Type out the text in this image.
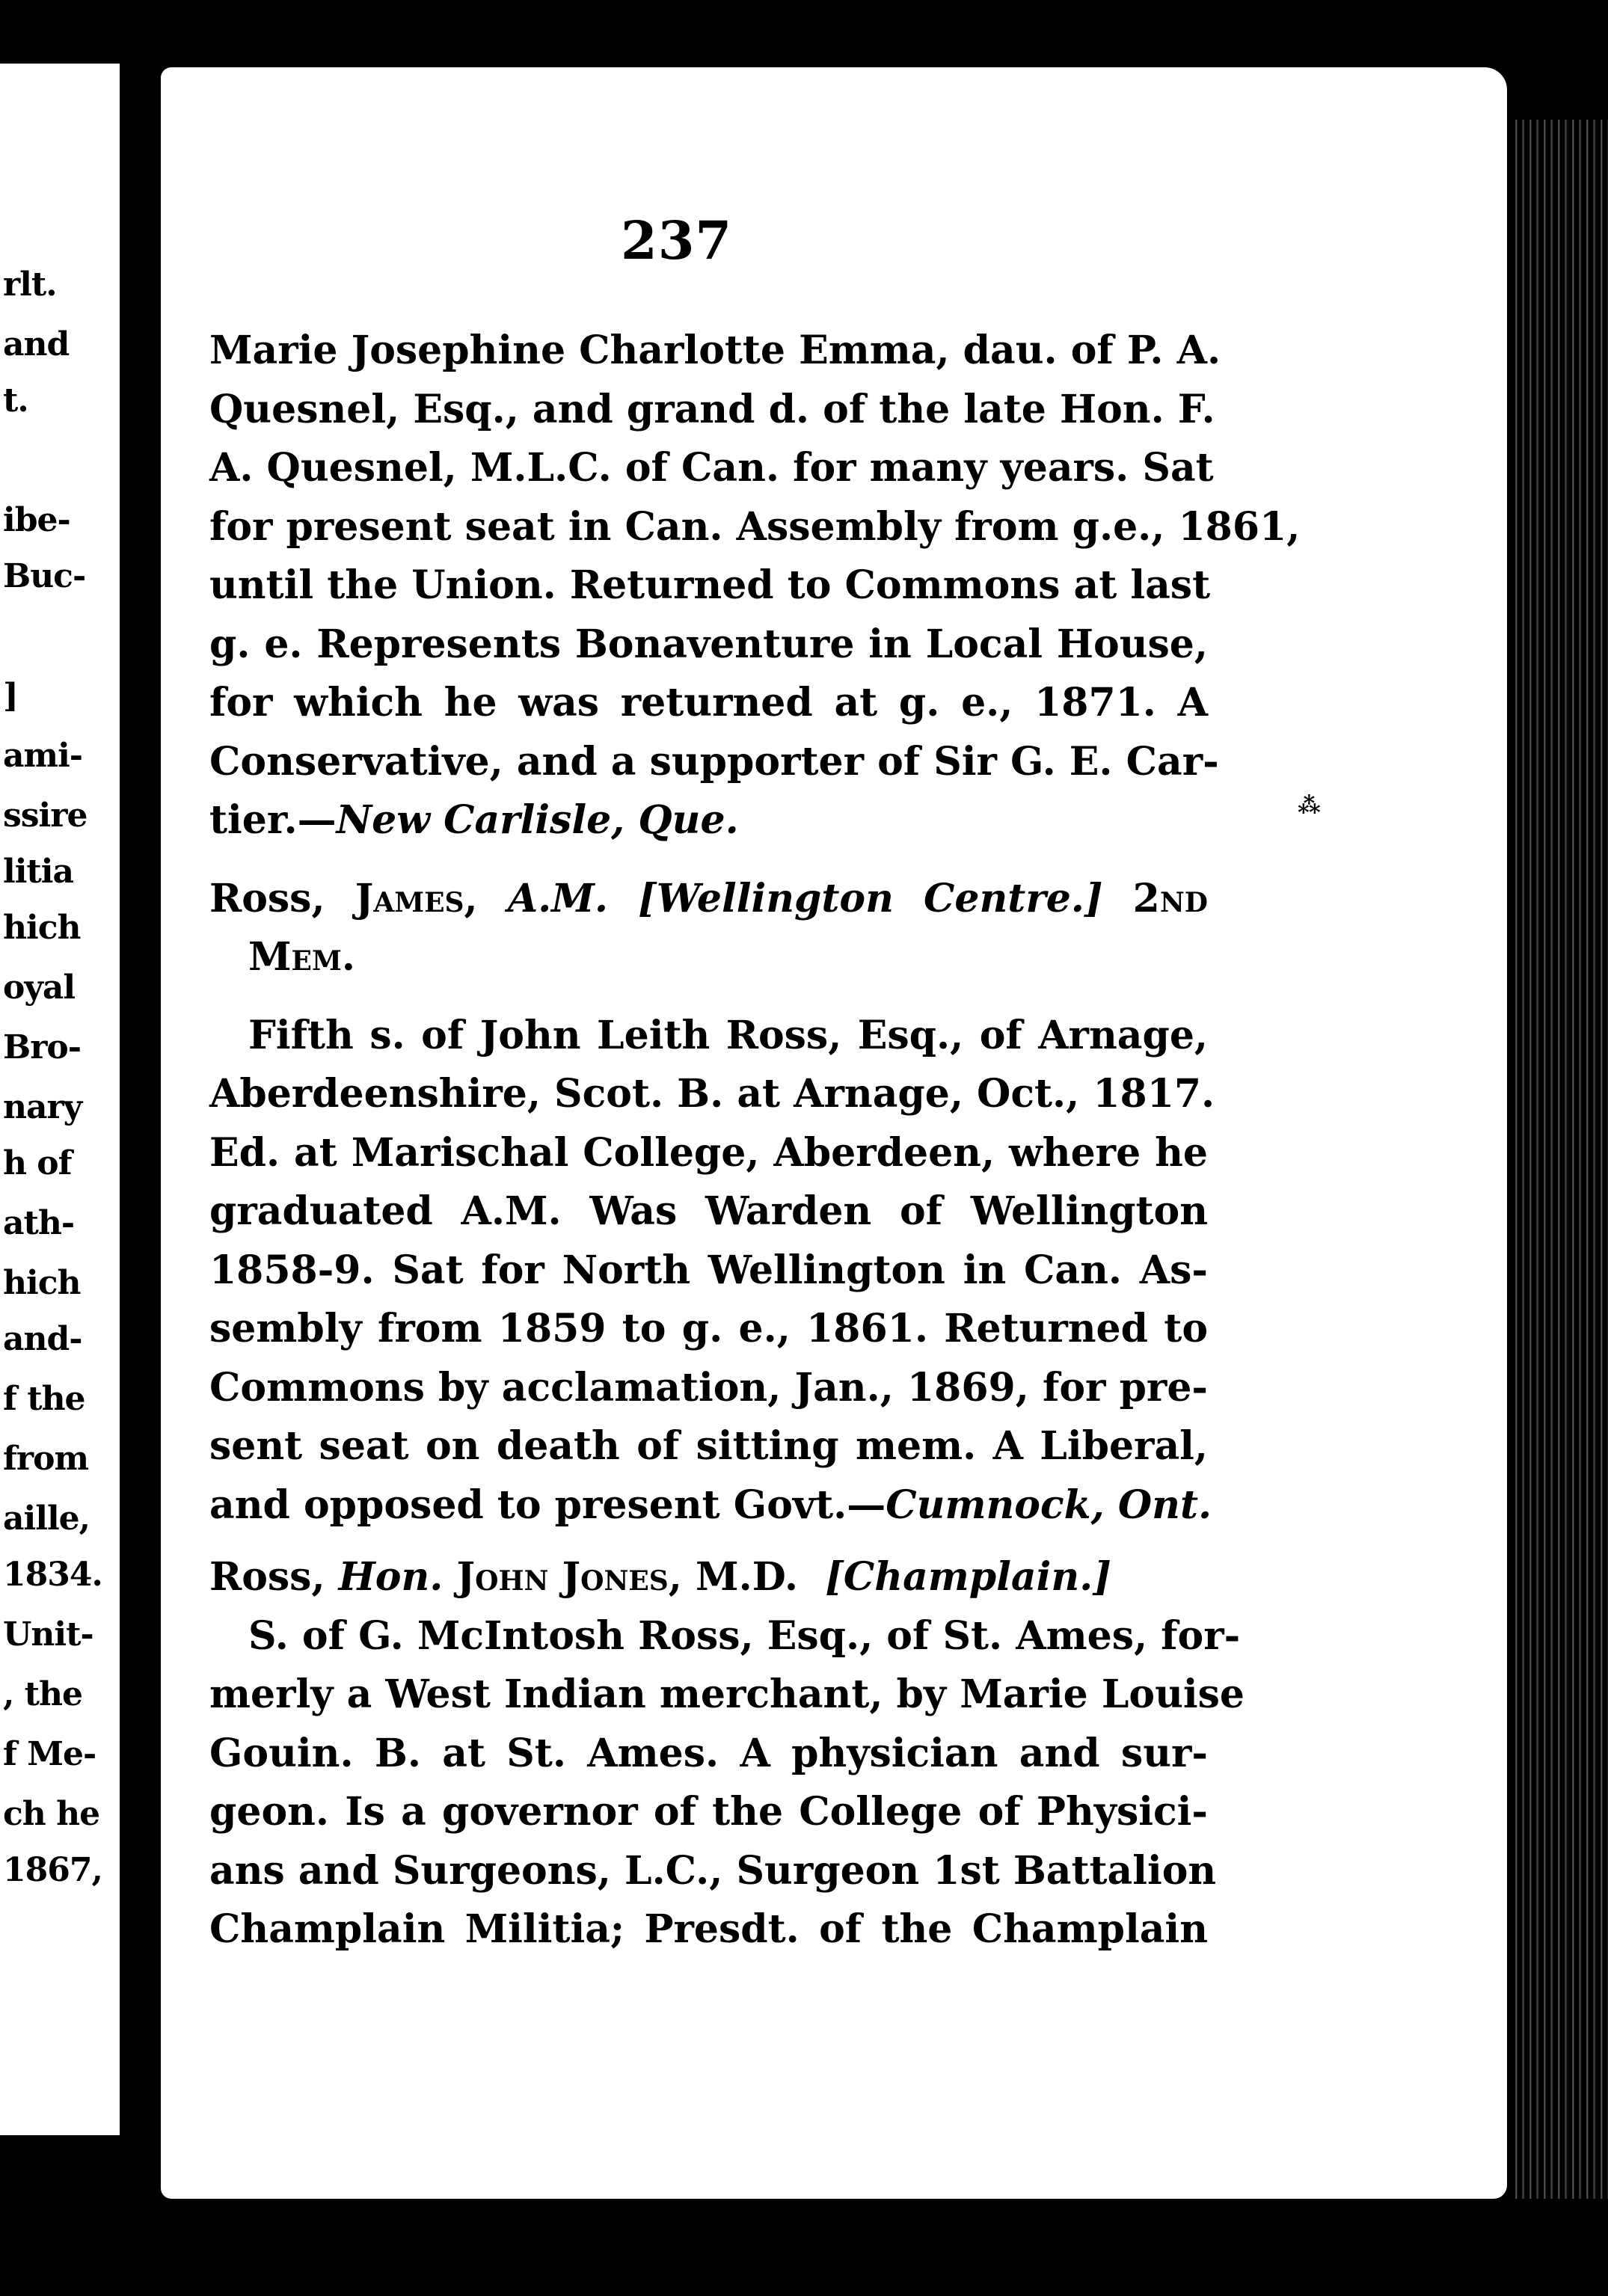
rlt.
and
t.
ibe-
Buc-
]
ami-
ssire
litia
hich
oyal
Bro-
nary
h of
ath-
hich
and-
f the
from
aille,
1834.
Unit-
, the
f Me-
ch he
1867,
237
Marie Josephine Charlotte Emma, dau. of P. A.
Quesnel, Esq., and grand d. of the late Hon. F.
A. Quesnel, M.L.C. of Can. for many years. Sat
for present seat in Can. Assembly from g.e., 1861,
until the Union. Returned to Commons at last
g. e. Represents Bonaventure in Local House,
for which he was returned at g. e., 1871. A
Conservative, and a supporter of Sir G. E. Car-
tier.—New Carlisle, Que.
Ross, James, A.M. [Wellington Centre.] 2nd
Mem.
Fifth s. of John Leith Ross, Esq., of Arnage,
Aberdeenshire, Scot. B. at Arnage, Oct., 1817.
Ed. at Marischal College, Aberdeen, where he
graduated A.M. Was Warden of Wellington
1858-9. Sat for North Wellington in Can. As-
sembly from 1859 to g. e., 1861. Returned to
Commons by acclamation, Jan., 1869, for pre-
sent seat on death of sitting mem. A Liberal,
and opposed to present Govt.—Cumnock, Ont.
Ross, Hon. John Jones, M.D. [Champlain.]
S. of G. McIntosh Ross, Esq., of St. Ames, for-
merly a West Indian merchant, by Marie Louise
Gouin. B. at St. Ames. A physician and sur-
geon. Is a governor of the College of Physici-
ans and Surgeons, L.C., Surgeon 1st Battalion
Champlain Militia; Presdt. of the Champlain
⁂
